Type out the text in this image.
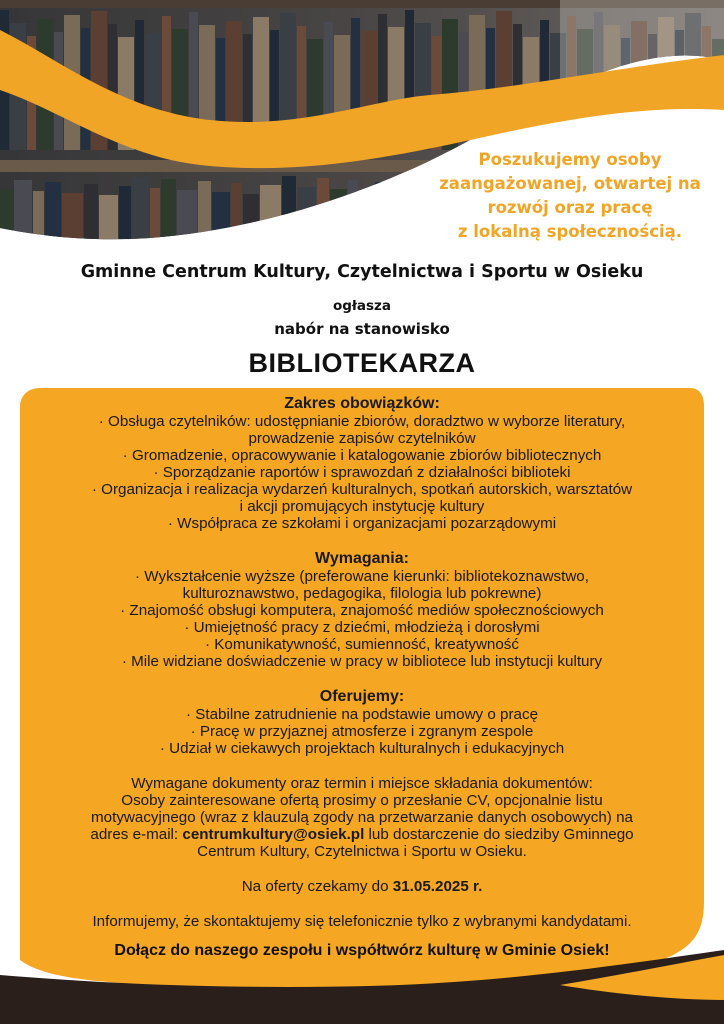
Poszukujemy osoby
zaangażowanej, otwartej na
rozwój oraz pracę
z lokalną społecznością.
Gminne Centrum Kultury, Czytelnictwa i Sportu w Osieku
ogłasza
nabór na stanowisko
BIBLIOTEKARZA
Zakres obowiązków:
· Obsługa czytelników: udostępnianie zbiorów, doradztwo w wyborze literatury,
prowadzenie zapisów czytelników
· Gromadzenie, opracowywanie i katalogowanie zbiorów bibliotecznych
· Sporządzanie raportów i sprawozdań z działalności biblioteki
· Organizacja i realizacja wydarzeń kulturalnych, spotkań autorskich, warsztatów
i akcji promujących instytucję kultury
· Współpraca ze szkołami i organizacjami pozarządowymi
Wymagania:
· Wykształcenie wyższe (preferowane kierunki: bibliotekoznawstwo,
kulturoznawstwo, pedagogika, filologia lub pokrewne)
· Znajomość obsługi komputera, znajomość mediów społecznościowych
· Umiejętność pracy z dziećmi, młodzieżą i dorosłymi
· Komunikatywność, sumienność, kreatywność
· Mile widziane doświadczenie w pracy w bibliotece lub instytucji kultury
Oferujemy:
· Stabilne zatrudnienie na podstawie umowy o pracę
· Pracę w przyjaznej atmosferze i zgranym zespole
· Udział w ciekawych projektach kulturalnych i edukacyjnych
Wymagane dokumenty oraz termin i miejsce składania dokumentów:
Osoby zainteresowane ofertą prosimy o przesłanie CV, opcjonalnie listu
motywacyjnego (wraz z klauzulą zgody na przetwarzanie danych osobowych) na
adres e-mail: centrumkultury@osiek.pl lub dostarczenie do siedziby Gminnego
Centrum Kultury, Czytelnictwa i Sportu w Osieku.
Na oferty czekamy do 31.05.2025 r.
Informujemy, że skontaktujemy się telefonicznie tylko z wybranymi kandydatami.
Dołącz do naszego zespołu i współtwórz kulturę w Gminie Osiek!
